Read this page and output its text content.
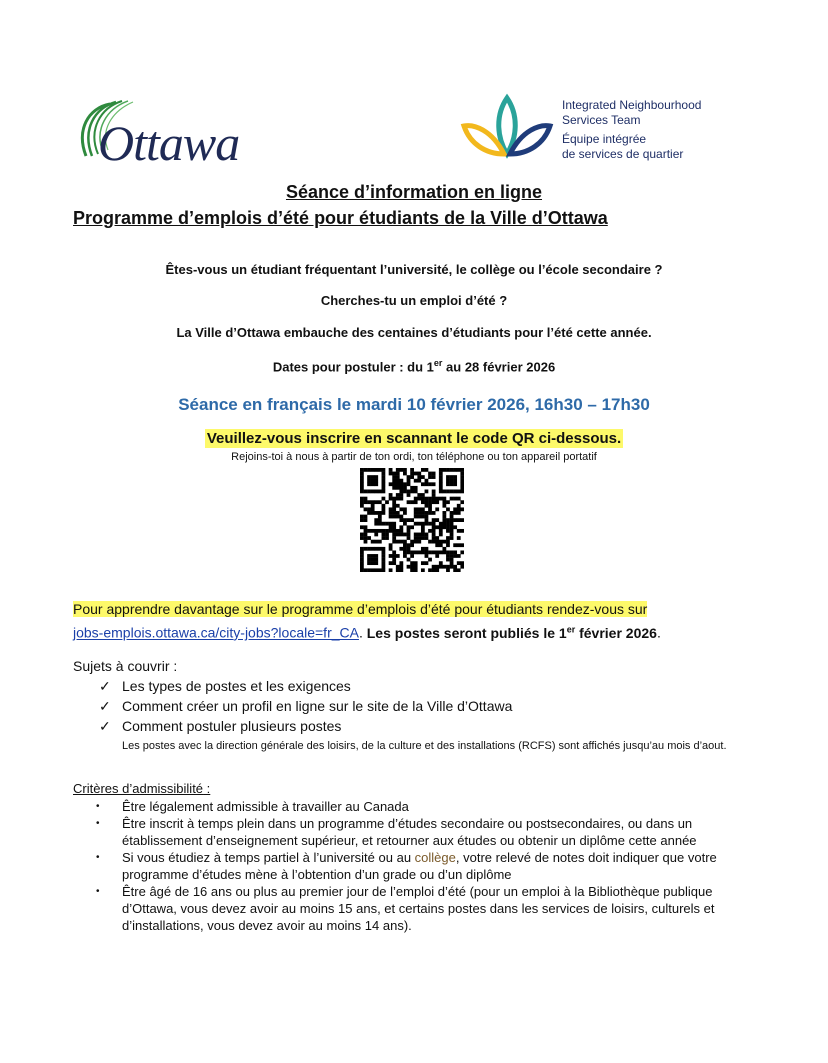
Ottawa
Integrated Neighbourhood
Services Team
Équipe intégrée
de services de quartier
Séance d’information en ligne
Programme d’emplois d’été pour étudiants de la Ville d’Ottawa
Êtes-vous un étudiant fréquentant l’université, le collège ou l’école secondaire ?
Cherches-tu un emploi d’été ?
La Ville d’Ottawa embauche des centaines d’étudiants pour l’été cette année.
Dates pour postuler : du 1er au 28 février 2026
Séance en français le mardi 10 février 2026, 16h30 – 17h30
Veuillez-vous inscrire en scannant le code QR ci-dessous.
Rejoins-toi à nous à partir de ton ordi, ton téléphone ou ton appareil portatif
Pour apprendre davantage sur le programme d’emplois d’été pour étudiants rendez-vous sur
jobs-emplois.ottawa.ca/city-jobs?locale=fr_CA. Les postes seront publiés le 1er février 2026.
Sujets à couvrir :
✓ Les types de postes et les exigences
✓ Comment créer un profil en ligne sur le site de la Ville d’Ottawa
✓ Comment postuler plusieurs postes
Les postes avec la direction générale des loisirs, de la culture et des installations (RCFS) sont affichés jusqu’au mois d’aout.
Critères d’admissibilité :
• Être légalement admissible à travailler au Canada
• Être inscrit à temps plein dans un programme d’études secondaire ou postsecondaires, ou dans un établissement d’enseignement supérieur, et retourner aux études ou obtenir un diplôme cette année
• Si vous étudiez à temps partiel à l’université ou au collège, votre relevé de notes doit indiquer que votre programme d’études mène à l’obtention d’un grade ou d’un diplôme
• Être âgé de 16 ans ou plus au premier jour de l’emploi d’été (pour un emploi à la Bibliothèque publique d’Ottawa, vous devez avoir au moins 15 ans, et certains postes dans les services de loisirs, culturels et d’installations, vous devez avoir au moins 14 ans).
